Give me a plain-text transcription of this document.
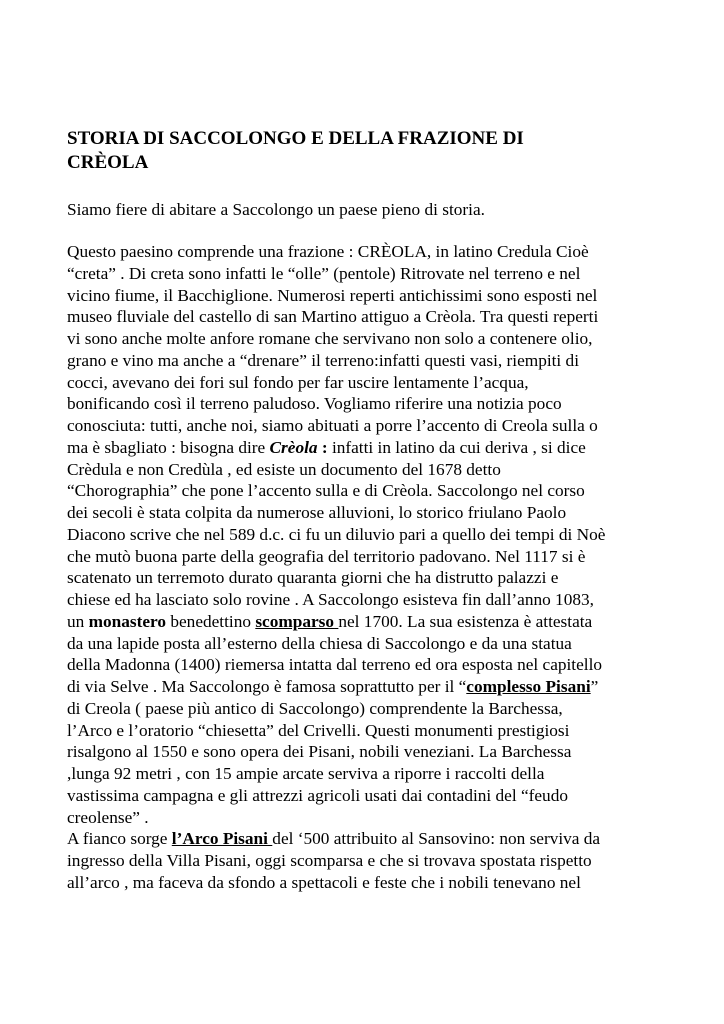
STORIA DI SACCOLONGO E DELLA FRAZIONE DI
CRÈOLA

Siamo fiere di abitare a Saccolongo un paese pieno di storia.

Questo paesino comprende una frazione : CRÈOLA, in latino Credula Cioè
“creta” . Di creta sono infatti le “olle” (pentole) Ritrovate nel terreno e nel
vicino fiume, il Bacchiglione. Numerosi reperti antichissimi sono esposti nel
museo fluviale del castello di san Martino attiguo a Crèola. Tra questi reperti
vi sono anche molte anfore romane che servivano non solo a contenere olio,
grano e vino ma anche a “drenare” il terreno:infatti questi vasi, riempiti di
cocci, avevano dei fori sul fondo per far uscire lentamente l’acqua,
bonificando così il terreno paludoso. Vogliamo riferire una notizia poco
conosciuta: tutti, anche noi, siamo abituati a porre l’accento di Creola sulla o
ma è sbagliato : bisogna dire Crèola : infatti in latino da cui deriva , si dice
Crèdula e non Credùla , ed esiste un documento del 1678 detto
“Chorographia” che pone l’accento sulla e di Crèola. Saccolongo nel corso
dei secoli è stata colpita da numerose alluvioni, lo storico friulano Paolo
Diacono scrive che nel 589 d.c. ci fu un diluvio pari a quello dei tempi di Noè
che mutò buona parte della geografia del territorio padovano. Nel 1117 si è
scatenato un terremoto durato quaranta giorni che ha distrutto palazzi e
chiese ed ha lasciato solo rovine . A Saccolongo esisteva fin dall’anno 1083,
un monastero benedettino scomparso nel 1700. La sua esistenza è attestata
da una lapide posta all’esterno della chiesa di Saccolongo e da una statua
della Madonna (1400) riemersa intatta dal terreno ed ora esposta nel capitello
di via Selve . Ma Saccolongo è famosa soprattutto per il “complesso Pisani”
di Creola ( paese più antico di Saccolongo) comprendente la Barchessa,
l’Arco e l’oratorio “chiesetta” del Crivelli. Questi monumenti prestigiosi
risalgono al 1550 e sono opera dei Pisani, nobili veneziani. La Barchessa
,lunga 92 metri , con 15 ampie arcate serviva a riporre i raccolti della
vastissima campagna e gli attrezzi agricoli usati dai contadini del “feudo
creolense” .

A fianco sorge l’Arco Pisani del ‘500 attribuito al Sansovino: non serviva da
ingresso della Villa Pisani, oggi scomparsa e che si trovava spostata rispetto
all’arco , ma faceva da sfondo a spettacoli e feste che i nobili tenevano nel
